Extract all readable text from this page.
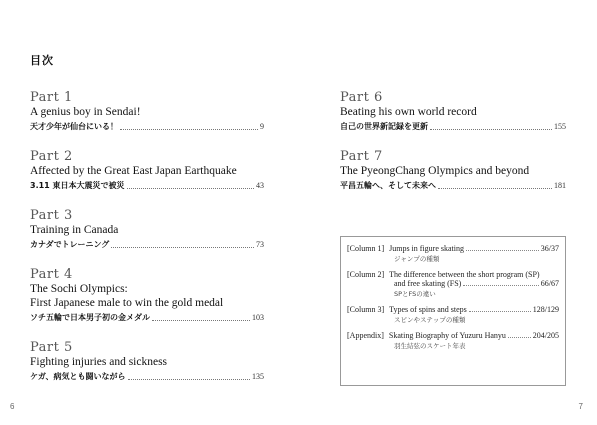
目次
Part 1
A genius boy in Sendai!
天才少年が仙台にいる！	9
Part 2
Affected by the Great East Japan Earthquake
3.11 東日本大震災で被災	43
Part 3
Training in Canada
カナダでトレーニング	73
Part 4
The Sochi Olympics:
First Japanese male to win the gold medal
ソチ五輪で日本男子初の金メダル	103
Part 5
Fighting injuries and sickness
ケガ、病気とも闘いながら	135
Part 6
Beating his own world record
自己の世界新記録を更新	155
Part 7
The PyeongChang Olympics and beyond
平昌五輪へ、そして未来へ	181
[Column 1] Jumps in figure skating	36/37
ジャンプの種類
[Column 2] The difference between the short program (SP)
and free skating (FS)	66/67
SPとFSの違い
[Column 3] Types of spins and steps	128/129
スピンやステップの種類
[Appendix] Skating Biography of Yuzuru Hanyu	204/205
羽生結弦のスケート年表
6	7
